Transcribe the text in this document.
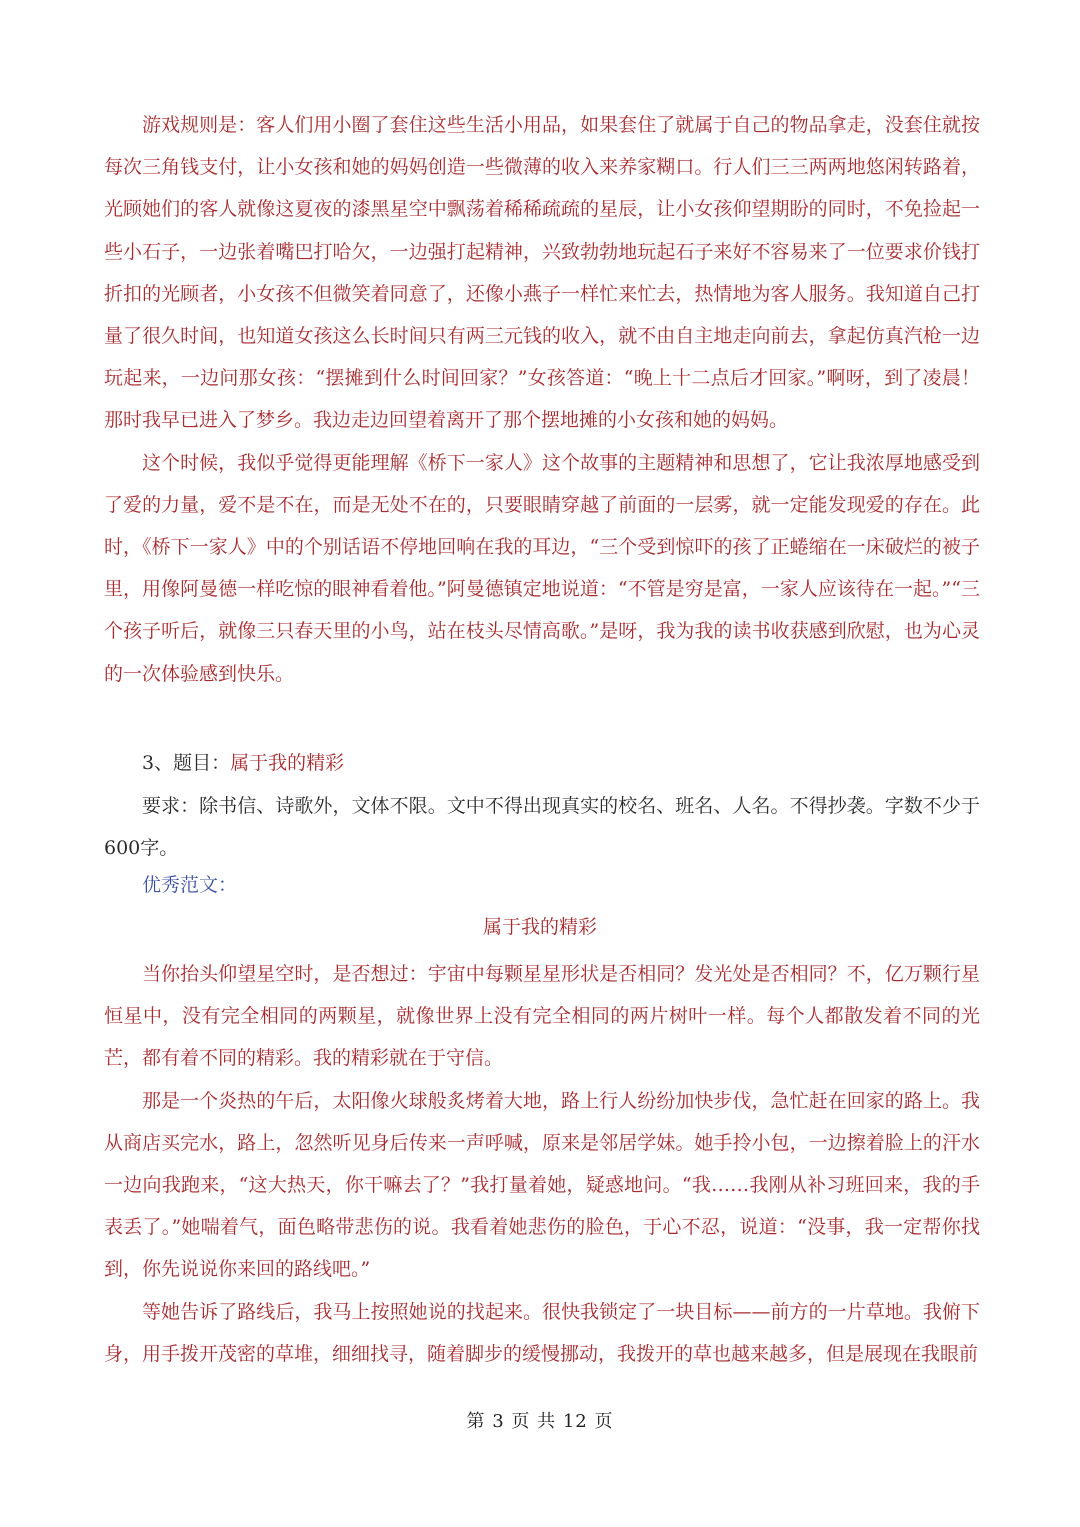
游戏规则是：客人们用小圈了套住这些生活小用品，如果套住了就属于自己的物品拿走，没套住就按每次三角钱支付，让小女孩和她的妈妈创造一些微薄的收入来养家糊口。行人们三三两两地悠闲转路着，光顾她们的客人就像这夏夜的漆黑星空中飘荡着稀稀疏疏的星辰，让小女孩仰望期盼的同时，不免捡起一些小石子，一边张着嘴巴打哈欠，一边强打起精神，兴致勃勃地玩起石子来好不容易来了一位要求价钱打折扣的光顾者，小女孩不但微笑着同意了，还像小燕子一样忙来忙去，热情地为客人服务。我知道自己打量了很久时间，也知道女孩这么长时间只有两三元钱的收入，就不由自主地走向前去，拿起仿真汽枪一边玩起来，一边问那女孩：“摆摊到什么时间回家？”女孩答道：“晚上十二点后才回家。”啊呀，到了凌晨！那时我早已进入了梦乡。我边走边回望着离开了那个摆地摊的小女孩和她的妈妈。

这个时候，我似乎觉得更能理解《桥下一家人》这个故事的主题精神和思想了，它让我浓厚地感受到了爱的力量，爱不是不在，而是无处不在的，只要眼睛穿越了前面的一层雾，就一定能发现爱的存在。此时，《桥下一家人》中的个别话语不停地回响在我的耳边，“三个受到惊吓的孩了正蜷缩在一床破烂的被子里，用像阿曼德一样吃惊的眼神看着他。”阿曼德镇定地说道：“不管是穷是富，一家人应该待在一起。”“三个孩子听后，就像三只春天里的小鸟，站在枝头尽情高歌。”是呀，我为我的读书收获感到欣慰，也为心灵的一次体验感到快乐。

3、题目：属于我的精彩

要求：除书信、诗歌外，文体不限。文中不得出现真实的校名、班名、人名。不得抄袭。字数不少于600字。

优秀范文：
属于我的精彩

当你抬头仰望星空时，是否想过：宇宙中每颗星星形状是否相同？发光处是否相同？不，亿万颗行星恒星中，没有完全相同的两颗星，就像世界上没有完全相同的两片树叶一样。每个人都散发着不同的光芒，都有着不同的精彩。我的精彩就在于守信。

那是一个炎热的午后，太阳像火球般炙烤着大地，路上行人纷纷加快步伐，急忙赶在回家的路上。我从商店买完水，路上，忽然听见身后传来一声呼喊，原来是邻居学妹。她手拎小包，一边擦着脸上的汗水一边向我跑来，“这大热天，你干嘛去了？”我打量着她，疑惑地问。“我……我刚从补习班回来，我的手表丢了。”她喘着气，面色略带悲伤的说。我看着她悲伤的脸色，于心不忍，说道：“没事，我一定帮你找到，你先说说你来回的路线吧。”

等她告诉了路线后，我马上按照她说的找起来。很快我锁定了一块目标——前方的一片草地。我俯下身，用手拨开茂密的草堆，细细找寻，随着脚步的缓慢挪动，我拨开的草也越来越多，但是展现在我眼前

第 3 页 共 12 页
